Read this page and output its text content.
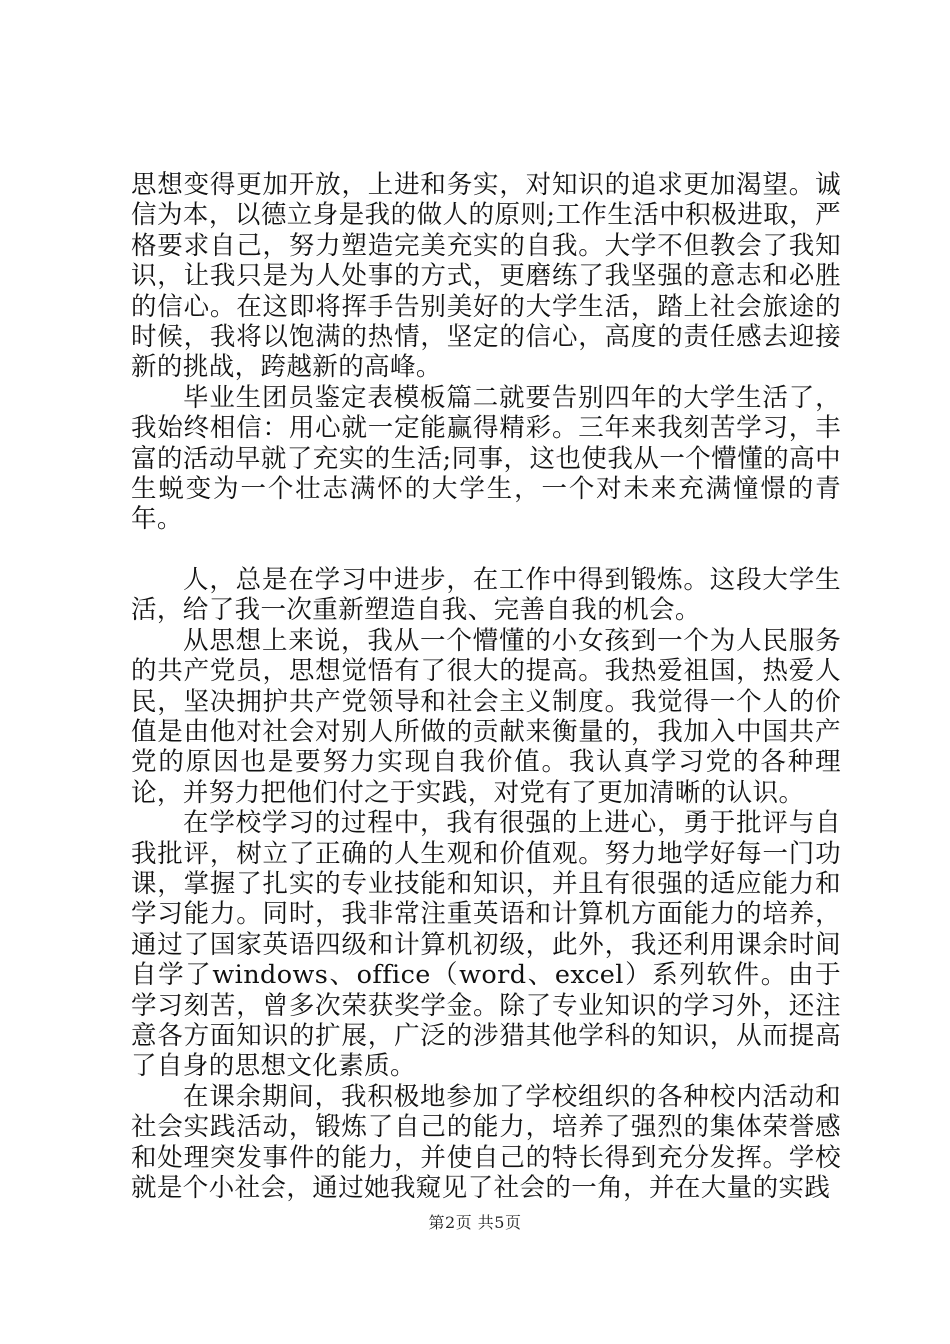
思想变得更加开放，上进和务实，对知识的追求更加渴望。诚信为本，以德立身是我的做人的原则;工作生活中积极进取，严格要求自己，努力塑造完美充实的自我。大学不但教会了我知识，让我只是为人处事的方式，更磨练了我坚强的意志和必胜的信心。在这即将挥手告别美好的大学生活，踏上社会旅途的时候，我将以饱满的热情，坚定的信心，高度的责任感去迎接新的挑战，跨越新的高峰。

毕业生团员鉴定表模板篇二就要告别四年的大学生活了，我始终相信：用心就一定能赢得精彩。三年来我刻苦学习，丰富的活动早就了充实的生活;同事，这也使我从一个懵懂的高中生蜕变为一个壮志满怀的大学生，一个对未来充满憧憬的青年。

人，总是在学习中进步，在工作中得到锻炼。这段大学生活，给了我一次重新塑造自我、完善自我的机会。

从思想上来说，我从一个懵懂的小女孩到一个为人民服务的共产党员，思想觉悟有了很大的提高。我热爱祖国，热爱人民，坚决拥护共产党领导和社会主义制度。我觉得一个人的价值是由他对社会对别人所做的贡献来衡量的，我加入中国共产党的原因也是要努力实现自我价值。我认真学习党的各种理论，并努力把他们付之于实践，对党有了更加清晰的认识。

在学校学习的过程中，我有很强的上进心，勇于批评与自我批评，树立了正确的人生观和价值观。努力地学好每一门功课，掌握了扎实的专业技能和知识，并且有很强的适应能力和学习能力。同时，我非常注重英语和计算机方面能力的培养，通过了国家英语四级和计算机初级，此外，我还利用课余时间自学了windows、office（word、excel）系列软件。由于学习刻苦，曾多次荣获奖学金。除了专业知识的学习外，还注意各方面知识的扩展，广泛的涉猎其他学科的知识，从而提高了自身的思想文化素质。

在课余期间，我积极地参加了学校组织的各种校内活动和社会实践活动，锻炼了自己的能力，培养了强烈的集体荣誉感和处理突发事件的能力，并使自己的特长得到充分发挥。学校就是个小社会，通过她我窥见了社会的一角，并在大量的实践

第2页 共5页
